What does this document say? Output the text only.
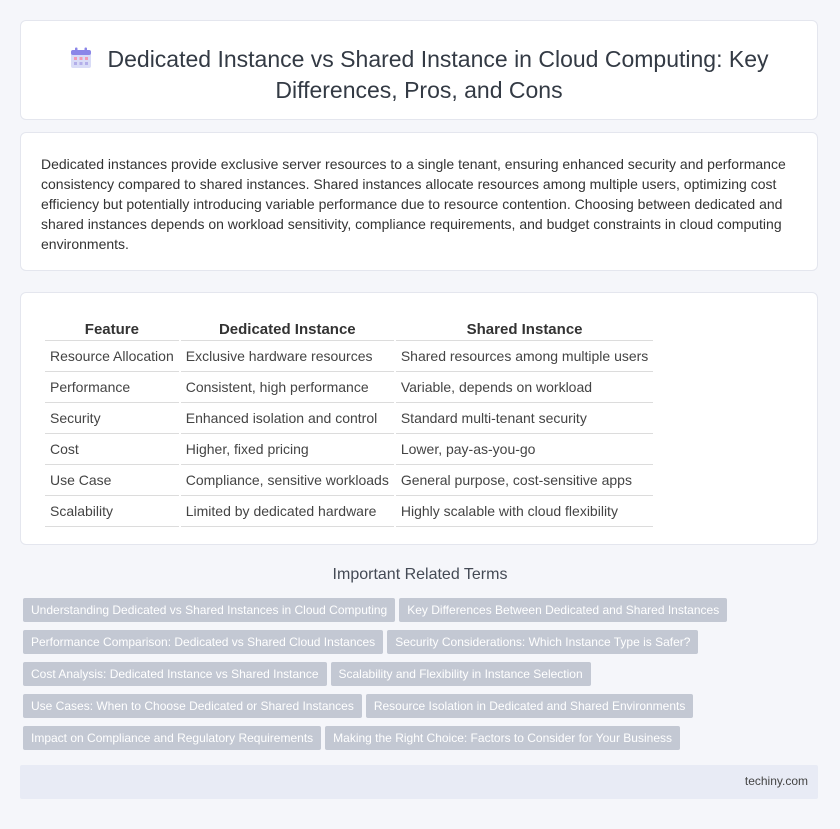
Dedicated Instance vs Shared Instance in Cloud Computing: Key Differences, Pros, and Cons

Dedicated instances provide exclusive server resources to a single tenant, ensuring enhanced security and performance consistency compared to shared instances. Shared instances allocate resources among multiple users, optimizing cost efficiency but potentially introducing variable performance due to resource contention. Choosing between dedicated and shared instances depends on workload sensitivity, compliance requirements, and budget constraints in cloud computing environments.

Feature	Dedicated Instance	Shared Instance
Resource Allocation	Exclusive hardware resources	Shared resources among multiple users
Performance	Consistent, high performance	Variable, depends on workload
Security	Enhanced isolation and control	Standard multi-tenant security
Cost	Higher, fixed pricing	Lower, pay-as-you-go
Use Case	Compliance, sensitive workloads	General purpose, cost-sensitive apps
Scalability	Limited by dedicated hardware	Highly scalable with cloud flexibility
Important Related Terms
Understanding Dedicated vs Shared Instances in Cloud Computing Key Differences Between Dedicated and Shared Instances
Performance Comparison: Dedicated vs Shared Cloud Instances Security Considerations: Which Instance Type is Safer?
Cost Analysis: Dedicated Instance vs Shared Instance Scalability and Flexibility in Instance Selection
Use Cases: When to Choose Dedicated or Shared Instances Resource Isolation in Dedicated and Shared Environments
Impact on Compliance and Regulatory Requirements Making the Right Choice: Factors to Consider for Your Business
techiny.com
